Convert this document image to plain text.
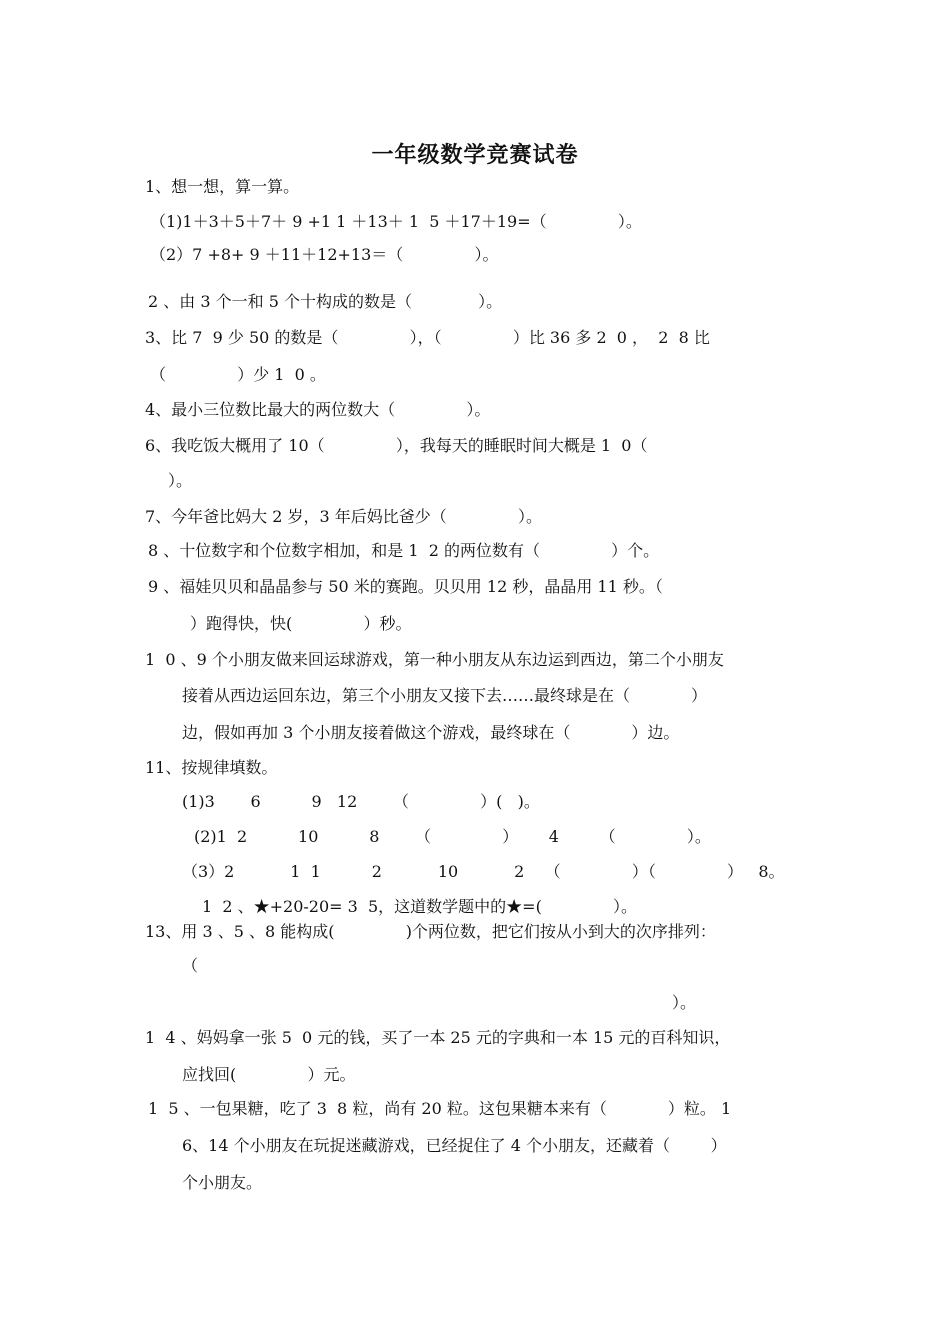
一年级数学竞赛试卷
1、想一想，算一算。
（1)1＋3＋5＋7＋ 9 +1 1 ＋13＋ 1  5 ＋17＋19=（              ）。
（2）7 +8+ 9 ＋11＋12+13＝（              ）。
2 、由 3 个一和 5 个十构成的数是（             ）。
3、比 7  9 少 50 的数是（              ），（              ）比 36 多 2  0 ，  2  8 比
（              ）少 1  0 。
4、最小三位数比最大的两位数大（              ）。
6、我吃饭大概用了 10（              ），我每天的睡眠时间大概是 1  0（
）。
7、今年爸比妈大 2 岁，3 年后妈比爸少（              ）。
8 、十位数字和个位数字相加，和是 1  2 的两位数有（              ）个。
9 、福娃贝贝和晶晶参与 50 米的赛跑。贝贝用 12 秒，晶晶用 11 秒。（
）跑得快，快(              ）秒。
1  0 、9 个小朋友做来回运球游戏，第一种小朋友从东边运到西边，第二个小朋友
接着从西边运回东边，第三个小朋友又接下去……最终球是在（            ）
边，假如再加 3 个小朋友接着做这个游戏，最终球在（            ）边。
11、按规律填数。
(1)3       6          9   12       （              ）(   )。
(2)1  2          10          8       （              ）      4        （              ）。
（3）2           1  1          2           10           2    （              ）（              ）   8。
1  2 、★+20-20= 3  5，这道数学题中的★=(              ）。
13、用 3 、5 、8 能构成(              )个两位数，把它们按从小到大的次序排列：
（
）。
1  4 、妈妈拿一张 5  0 元的钱，买了一本 25 元的字典和一本 15 元的百科知识，
应找回(              ）元。
1  5 、一包果糖，吃了 3  8 粒，尚有 20 粒。这包果糖本来有（            ）粒。 1
6、14 个小朋友在玩捉迷藏游戏，已经捉住了 4 个小朋友，还藏着（        ）
个小朋友。
